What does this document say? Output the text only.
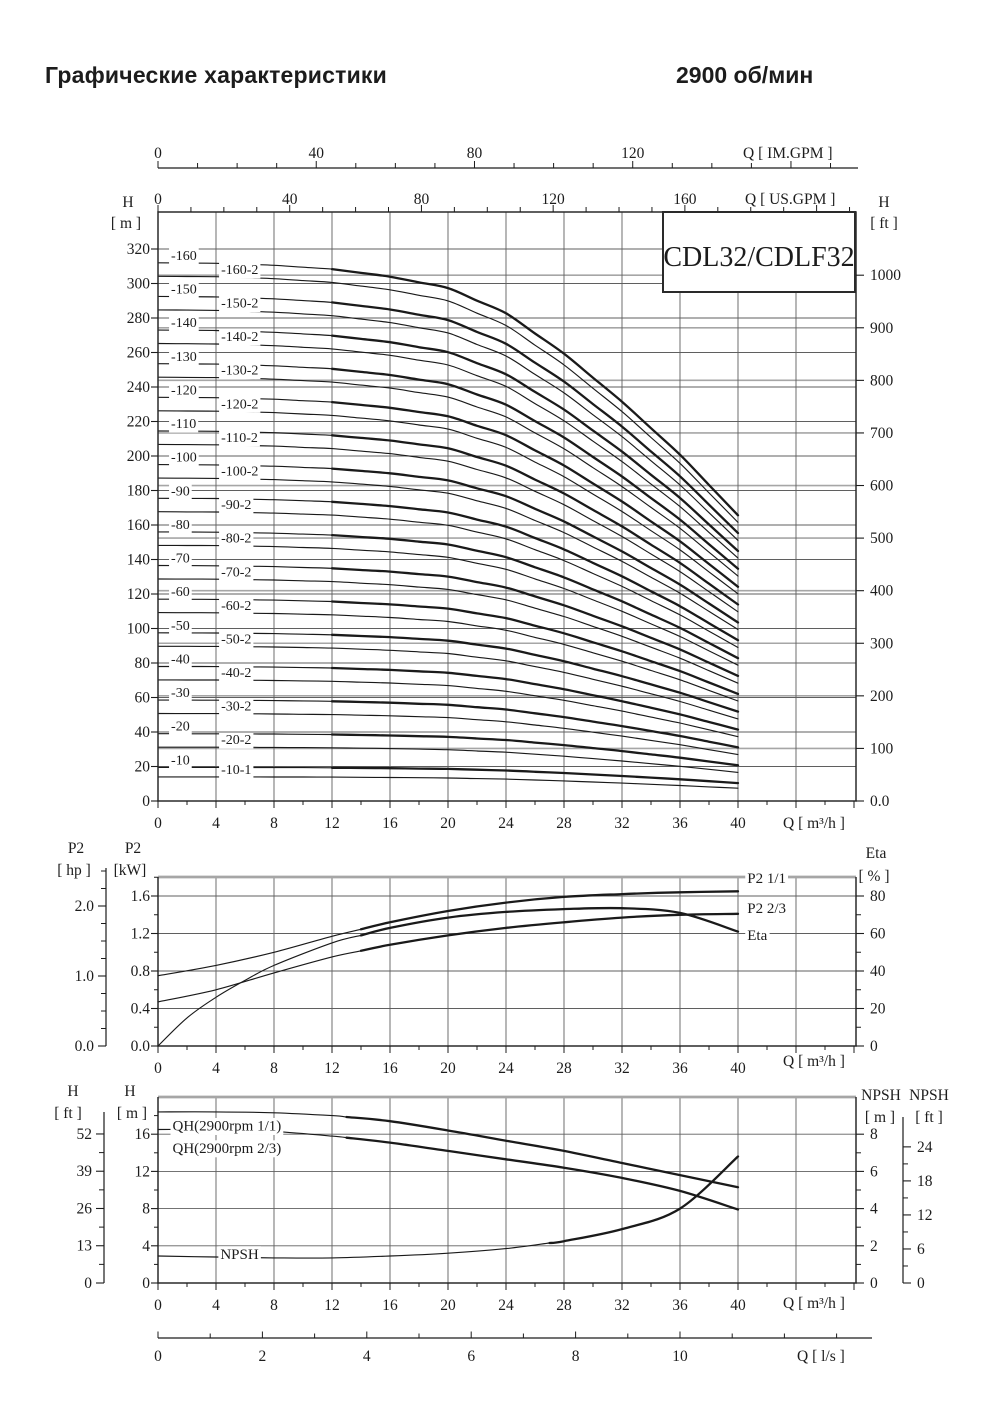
Графические характеристики	2900 об/мин
-160
-160-2
-150
-150-2
-140
-140-2
-130
-130-2
-120
-120-2
-110
-110-2
-100
-100-2
-90
-90-2
-80
-80-2
-70
-70-2
-60
-60-2
-50
-50-2
-40
-40-2
-30
-30-2
-20
-20-2
-10
-10-1
0	40	80	120	Q [ IM.GPM ]
0	40	80	120	160	Q [ US.GPM ]
0
20
40
60
80
100
120
140
160
180
200
220
240
260
280
300
320
H
[ m ]
0.0
100
200
300
400
500
600
700
800
900
1000
H
[ ft ]
0	4	8	12	16	20	24	28	32	36	40 Q [ m³/h ]
CDL32/CDLF32
P2 1/1
P2 2/3
Eta
0.0
0.4
0.8
1.2
1.6
P2
[kW]
0.0
1.0
2.0
P2
[ hp ]
0
20
40
60
80
Eta
[ % ]
0	4	8	12	16	20	24	28	32	36	40 Q [ m³/h ]
QH(2900rpm 1/1)
QH(2900rpm 2/3)
NPSH
0
4
8
12
16
H
[ m ]
0
13
26
39
52
H
[ ft ]
0
2
4
6
8
NPSH
[ m ]
0
6
12
18
24
NPSH
[ ft ]
0	4	8	12	16	20	24	28	32	36	40 Q [ m³/h ]
0	2	4	6	8	10	Q [ l/s ]
